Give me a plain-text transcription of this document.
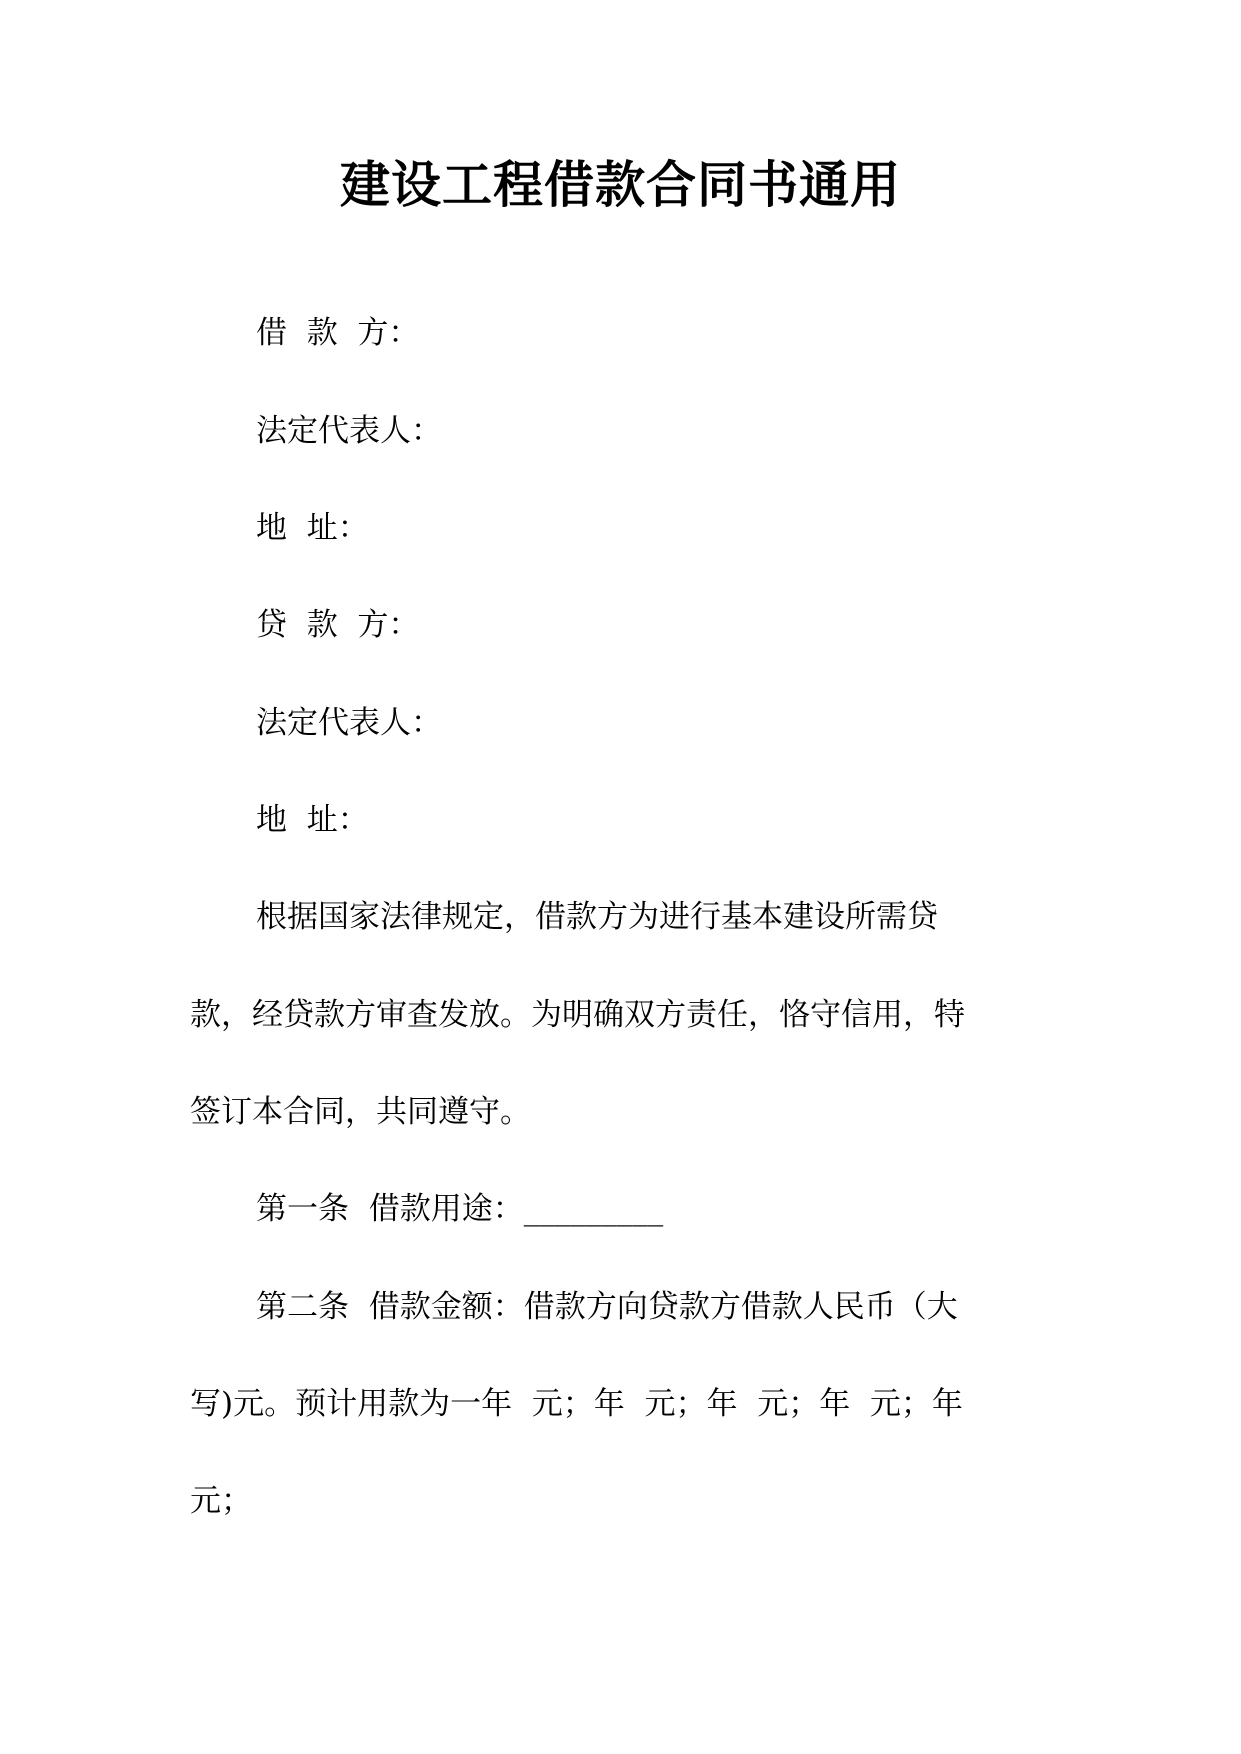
建设工程借款合同书通用
借  款  方：
法定代表人：
地  址：
贷  款  方：
法定代表人：
地  址：
根据国家法律规定，借款方为进行基本建设所需贷
款，经贷款方审查发放。为明确双方责任，恪守信用，特
签订本合同，共同遵守。
第一条  借款用途：_________
第二条  借款金额：借款方向贷款方借款人民币（大
写)元。预计用款为一年  元；年  元；年  元；年  元；年
元；
